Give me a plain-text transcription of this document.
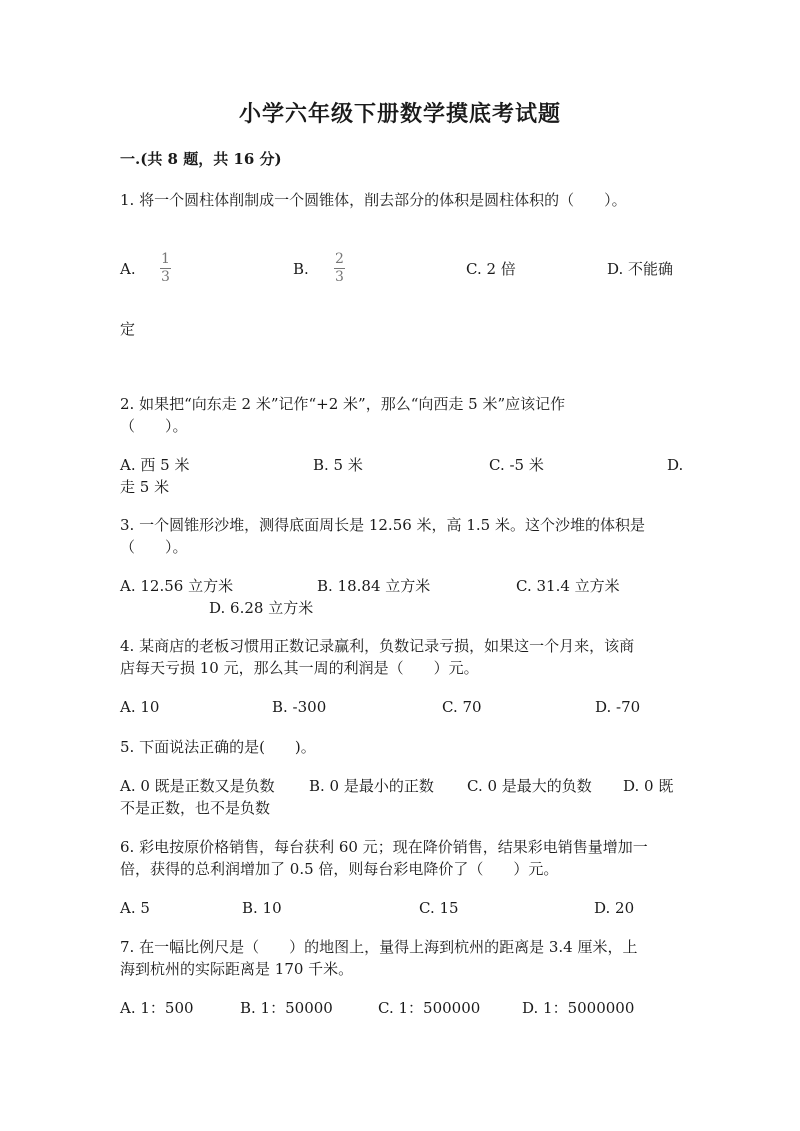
小学六年级下册数学摸底考试题
一.(共 8 题，共 16 分)
1. 将一个圆柱体削制成一个圆锥体，削去部分的体积是圆柱体积的（　　）。
A.
1
3	B.
2
3	C. 2 倍	D. 不能确
定
2. 如果把“向东走 2 米”记作“+2 米”，那么“向西走 5 米”应该记作
（　　）。
A. 西 5 米	B. 5 米	C. -5 米	D.
走 5 米
3. 一个圆锥形沙堆，测得底面周长是 12.56 米，高 1.5 米。这个沙堆的体积是
（　　）。
A. 12.56 立方米	B. 18.84 立方米	C. 31.4 立方米
D. 6.28 立方米
4. 某商店的老板习惯用正数记录赢利，负数记录亏损，如果这一个月来，该商
店每天亏损 10 元，那么其一周的利润是（　　）元。
A. 10	B. -300	C. 70	D. -70
5. 下面说法正确的是(　　)。
A. 0 既是正数又是负数 B. 0 是最小的正数 C. 0 是最大的负数 D. 0 既
不是正数，也不是负数
6. 彩电按原价格销售，每台获利 60 元；现在降价销售，结果彩电销售量增加一
倍，获得的总利润增加了 0.5 倍，则每台彩电降价了（　　）元。
A. 5	B. 10	C. 15	D. 20
7. 在一幅比例尺是（　　）的地图上，量得上海到杭州的距离是 3.4 厘米，上
海到杭州的实际距离是 170 千米。
A. 1：500	B. 1：50000	C. 1：500000	D. 1：5000000
